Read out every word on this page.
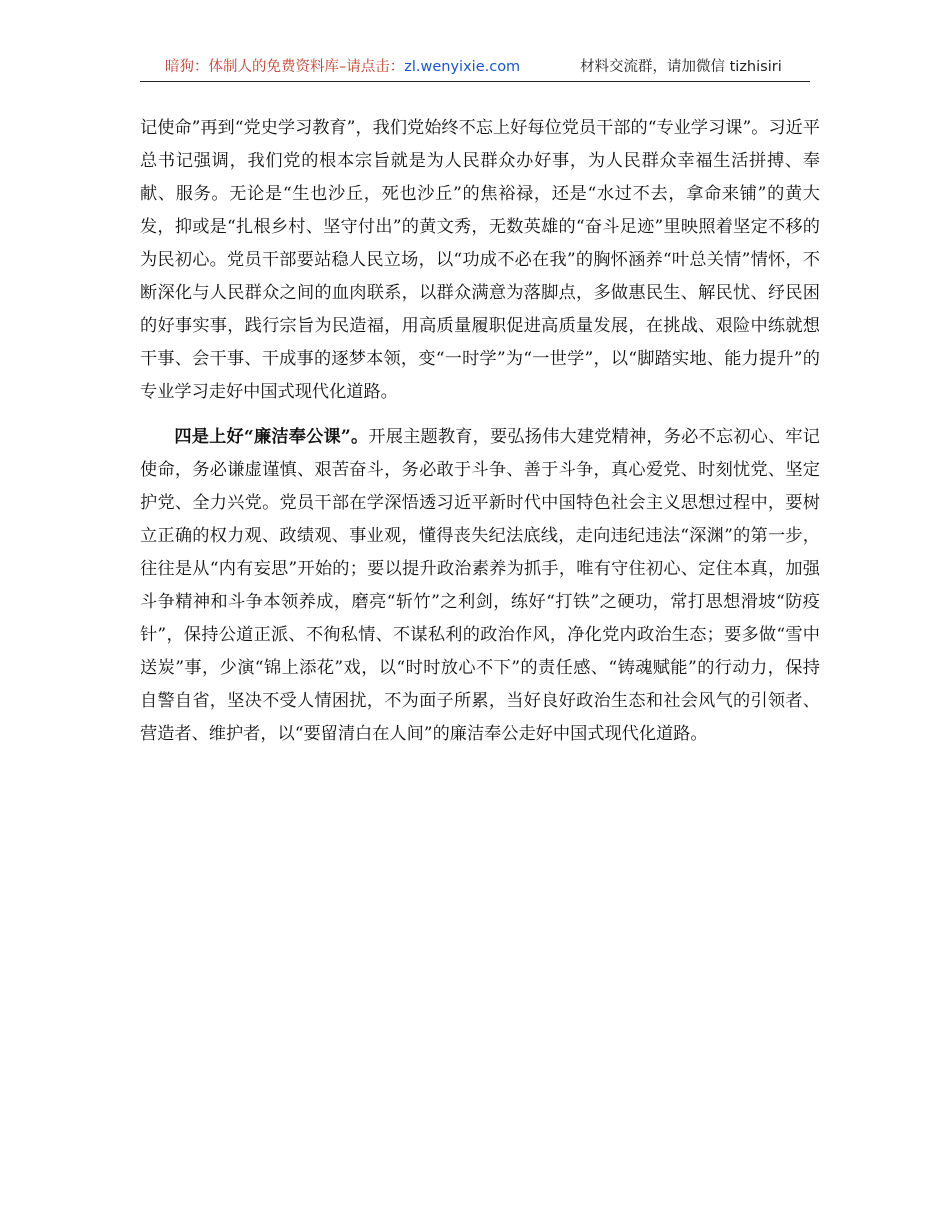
暗狗：体制人的免费资料库–请点击：zl.wenyixie.com	材料交流群，请加微信 tizhisiri

记使命”再到“党史学习教育”，我们党始终不忘上好每位党员干部的“专业学习课”。习近平总书记强调，我们党的根本宗旨就是为人民群众办好事，为人民群众幸福生活拼搏、奉献、服务。无论是“生也沙丘，死也沙丘”的焦裕禄，还是“水过不去，拿命来铺”的黄大发，抑或是“扎根乡村、坚守付出”的黄文秀，无数英雄的“奋斗足迹”里映照着坚定不移的为民初心。党员干部要站稳人民立场，以“功成不必在我”的胸怀涵养“叶总关情”情怀，不断深化与人民群众之间的血肉联系，以群众满意为落脚点，多做惠民生、解民忧、纾民困的好事实事，践行宗旨为民造福，用高质量履职促进高质量发展，在挑战、艰险中练就想干事、会干事、干成事的逐梦本领，变“一时学”为“一世学”，以“脚踏实地、能力提升”的专业学习走好中国式现代化道路。

四是上好“廉洁奉公课”。开展主题教育，要弘扬伟大建党精神，务必不忘初心、牢记使命，务必谦虚谨慎、艰苦奋斗，务必敢于斗争、善于斗争，真心爱党、时刻忧党、坚定护党、全力兴党。党员干部在学深悟透习近平新时代中国特色社会主义思想过程中，要树立正确的权力观、政绩观、事业观，懂得丧失纪法底线，走向违纪违法“深渊”的第一步，往往是从“内有妄思”开始的；要以提升政治素养为抓手，唯有守住初心、定住本真，加强斗争精神和斗争本领养成，磨亮“斩竹”之利剑，练好“打铁”之硬功，常打思想滑坡“防疫针”，保持公道正派、不徇私情、不谋私利的政治作风，净化党内政治生态；要多做“雪中送炭”事，少演“锦上添花”戏，以“时时放心不下”的责任感、“铸魂赋能”的行动力，保持自警自省，坚决不受人情困扰，不为面子所累，当好良好政治生态和社会风气的引领者、营造者、维护者，以“要留清白在人间”的廉洁奉公走好中国式现代化道路。
